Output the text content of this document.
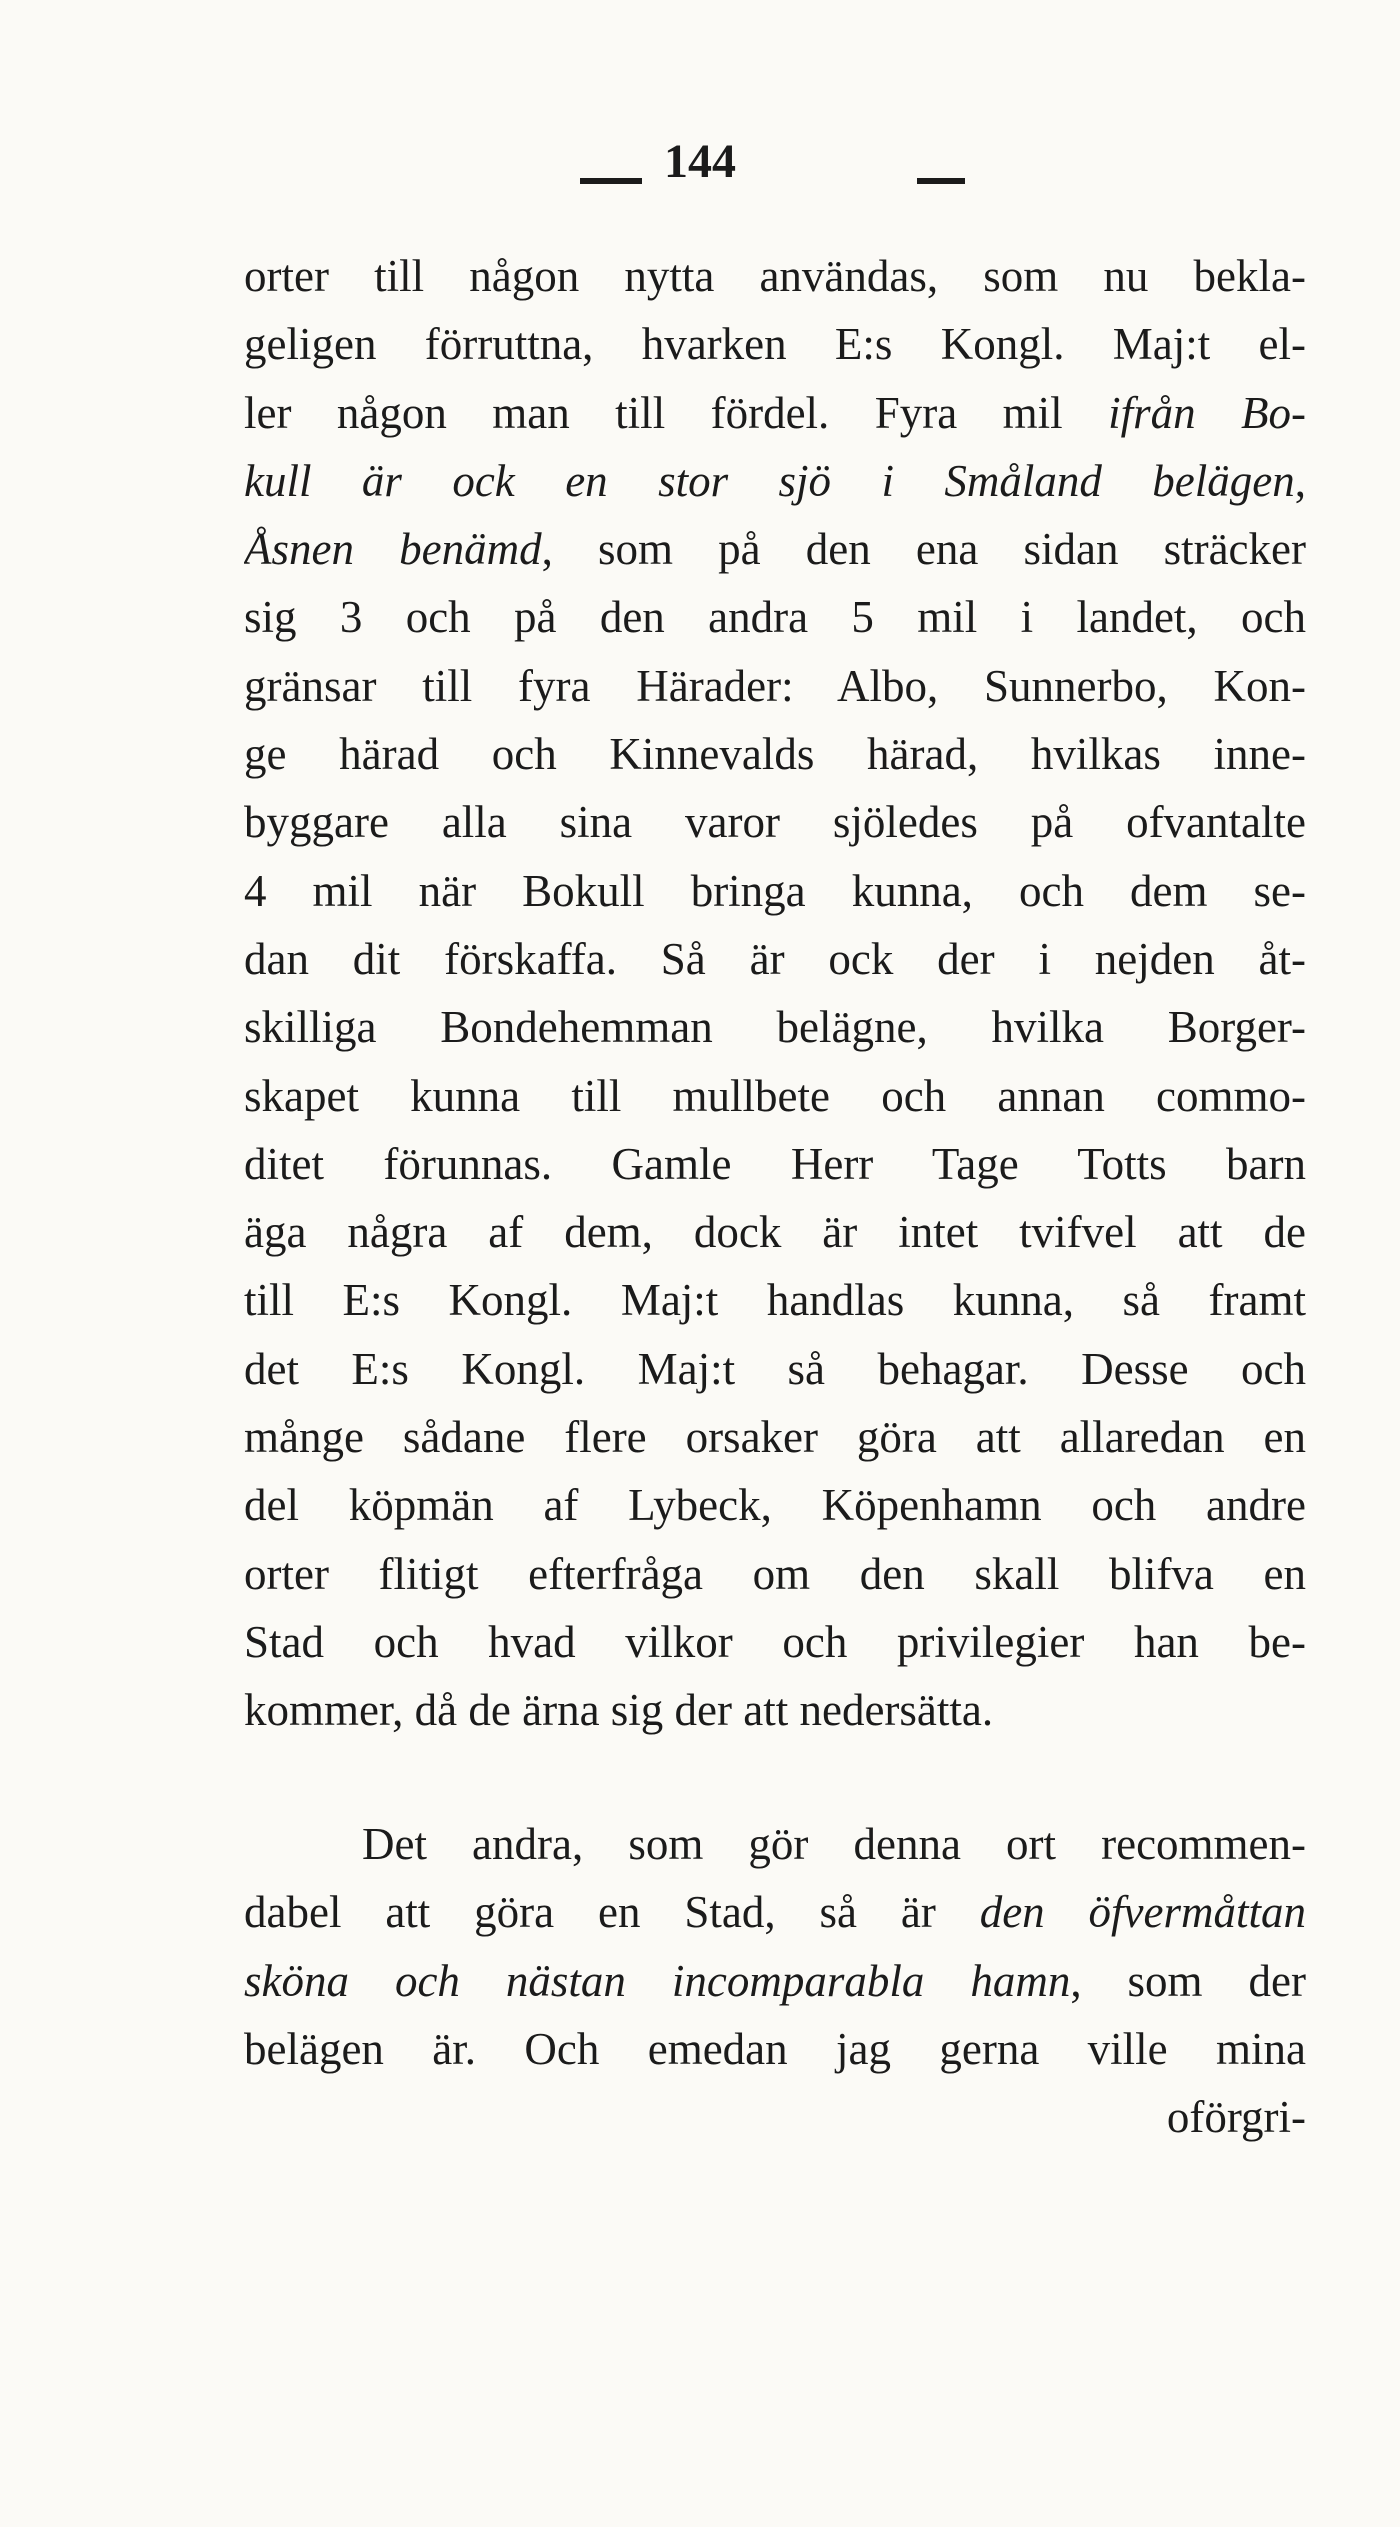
144
orter till någon nytta användas, som nu bekla-
geligen förruttna, hvarken E:s Kongl. Maj:t el-
ler någon man till fördel. Fyra mil ifrån Bo-
kull är ock en stor sjö i Småland belägen,
Åsnen benämd, som på den ena sidan sträcker
sig 3 och på den andra 5 mil i landet, och
gränsar till fyra Härader: Albo, Sunnerbo, Kon-
ge härad och Kinnevalds härad, hvilkas inne-
byggare alla sina varor sjöledes på ofvantalte
4 mil när Bokull bringa kunna, och dem se-
dan dit förskaffa. Så är ock der i nejden åt-
skilliga Bondehemman belägne, hvilka Borger-
skapet kunna till mullbete och annan commo-
ditet förunnas. Gamle Herr Tage Totts barn
äga några af dem, dock är intet tvifvel att de
till E:s Kongl. Maj:t handlas kunna, så framt
det E:s Kongl. Maj:t så behagar. Desse och
månge sådane flere orsaker göra att allaredan en
del köpmän af Lybeck, Köpenhamn och andre
orter flitigt efterfråga om den skall blifva en
Stad och hvad vilkor och privilegier han be-
kommer, då de ärna sig der att nedersätta.
Det andra, som gör denna ort recommen-
dabel att göra en Stad, så är den öfvermåttan
sköna och nästan incomparabla hamn, som der
belägen är. Och emedan jag gerna ville mina
oförgri-
